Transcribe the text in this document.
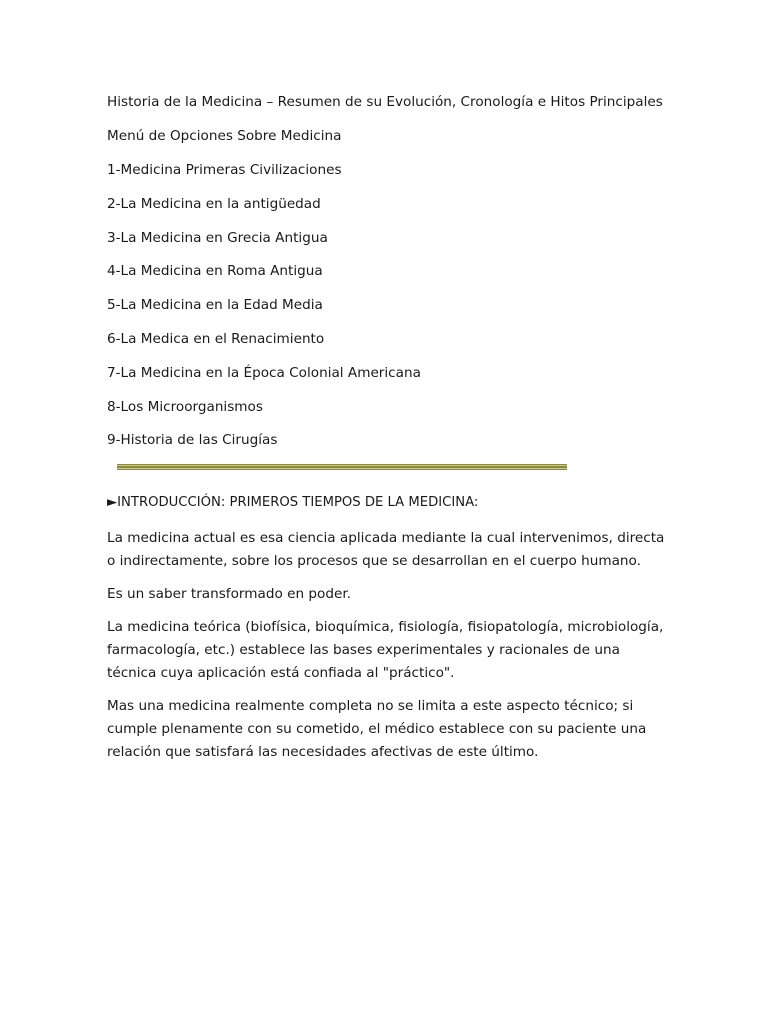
Historia de la Medicina – Resumen de su Evolución, Cronología e Hitos Principales

Menú de Opciones Sobre Medicina

1-Medicina Primeras Civilizaciones
2-La Medicina en la antigüedad
3-La Medicina en Grecia Antigua
4-La Medicina en Roma Antigua
5-La Medicina en la Edad Media
6-La Medica en el Renacimiento
7-La Medicina en la Época Colonial Americana
8-Los Microorganismos
9-Historia de las Cirugías

►INTRODUCCIÓN: PRIMEROS TIEMPOS DE LA MEDICINA:

La medicina actual es esa ciencia aplicada mediante la cual intervenimos, directa o indirectamente, sobre los procesos que se desarrollan en el cuerpo humano.

Es un saber transformado en poder.

La medicina teórica (biofísica, bioquímica, fisiología, fisiopatología, microbiología, farmacología, etc.) establece las bases experimentales y racionales de una técnica cuya aplicación está confiada al "práctico".

Mas una medicina realmente completa no se limita a este aspecto técnico; si cumple plenamente con su cometido, el médico establece con su paciente una relación que satisfará las necesidades afectivas de este último.
